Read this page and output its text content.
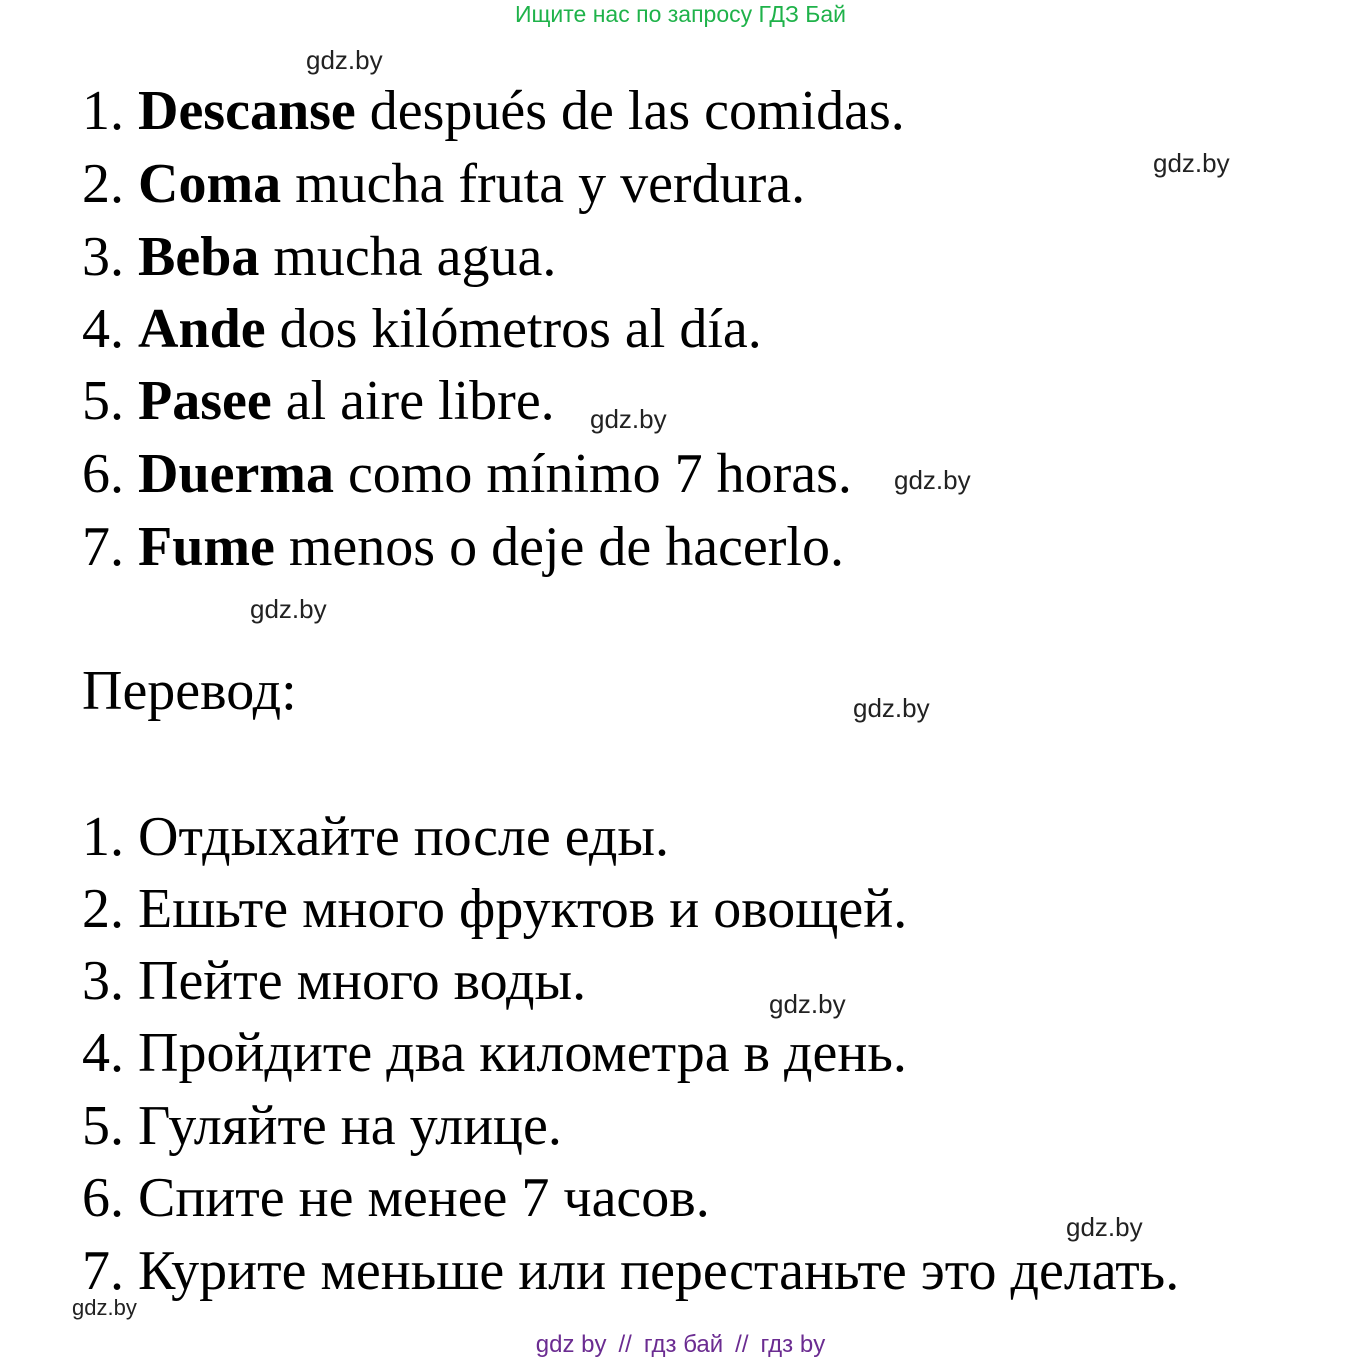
Ищите нас по запросу ГДЗ Бай
1. Descanse después de las comidas.
2. Coma mucha fruta y verdura.
3. Beba mucha agua.
4. Ande dos kilómetros al día.
5. Pasee al aire libre.
6. Duerma como mínimo 7 horas.
7. Fume menos o deje de hacerlo.
Перевод:
1. Отдыхайте после еды.
2. Ешьте много фруктов и овощей.
3. Пейте много воды.
4. Пройдите два километра в день.
5. Гуляйте на улице.
6. Спите не менее 7 часов.
7. Курите меньше или перестаньте это делать.
gdz.by
gdz.by
gdz.by
gdz.by
gdz.by
gdz.by
gdz.by
gdz.by
gdz.by
gdz by // гдз бай // гдз by
